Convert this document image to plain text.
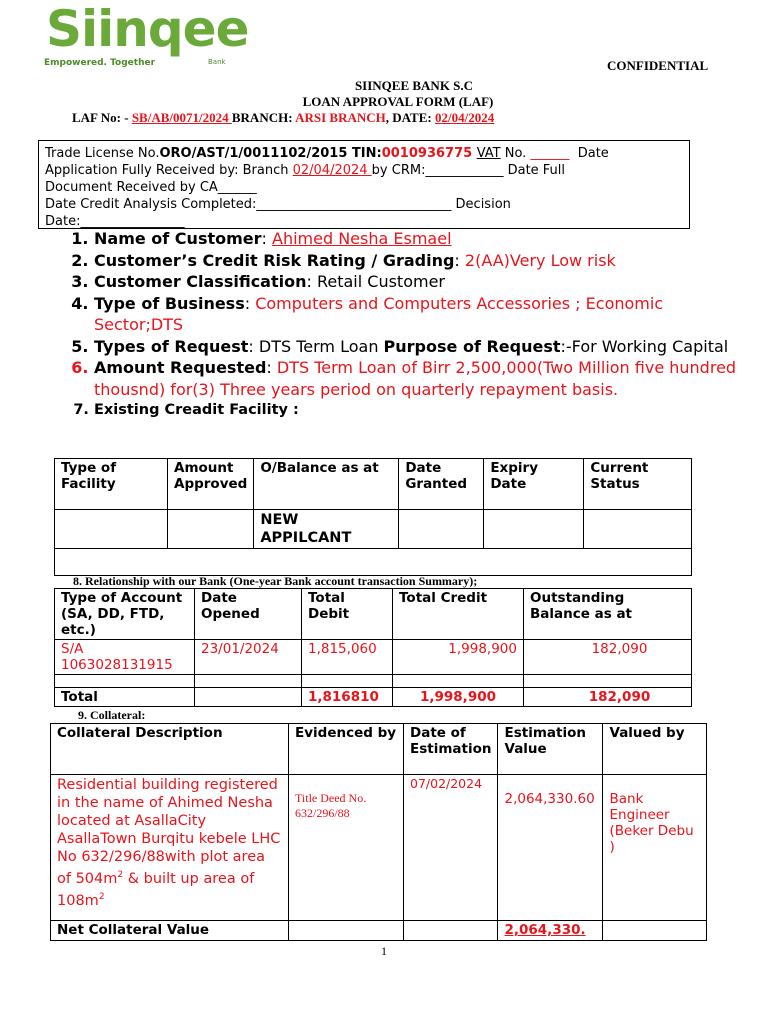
Siinqee
Empowered. Together	Bank	CONFIDENTIAL
SIINQEE BANK S.C
LOAN APPROVAL FORM (LAF)
LAF No: - SB/AB/0071/2024 BRANCH: ARSI BRANCH, DATE: 02/04/2024
Trade License No.ORO/AST/1/0011102/2015 TIN:0010936775 VAT No. ______ Date
Application Fully Received by: Branch 02/04/2024 by CRM:____________ Date Full
Document Received by CA______
Date Credit Analysis Completed:______________________________ Decision
Date:________________
1. Name of Customer: Ahimed Nesha Esmael
2. Customer’s Credit Risk Rating / Grading: 2(AA)Very Low risk
3. Customer Classification: Retail Customer
4. Type of Business: Computers and Computers Accessories ; Economic Sector;DTS
5. Types of Request: DTS Term Loan Purpose of Request:-For Working Capital
6. Amount Requested: DTS Term Loan of Birr 2,500,000(Two Million five hundred thousnd) for(3) Three years period on quarterly repayment basis.
7. Existing Creadit Facility :
Type of Facility	Amount Approved	O/Balance as at	Date Granted	Expiry Date	Current Status
		NEW APPILCANT			

8. Relationship with our Bank (One-year Bank account transaction Summary);
Type of Account (SA, DD, FTD, etc.)	Date Opened	Total Debit	Total Credit	Outstanding Balance as at
S/A 1063028131915	23/01/2024	1,815,060	1,998,900	182,090

Total		1,816810	1,998,900	182,090
9. Collateral:
Collateral Description	Evidenced by	Date of Estimation	Estimation Value	Valued by
Residential building registered in the name of Ahimed Nesha located at AsallaCity AsallaTown Burqitu kebele LHC No 632/296/88with plot area of $504m^2$ & built up area of $108m^2$	Title Deed No. 632/296/88	07/02/2024	2,064,330.60	Bank Engineer (Beker Debu )
Net Collateral Value			2,064,330.	
1
